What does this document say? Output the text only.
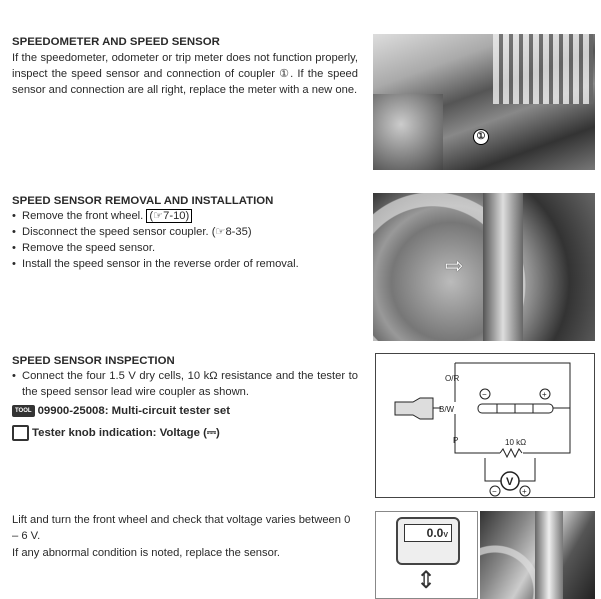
SPEEDOMETER AND SPEED SENSOR
If the speedometer, odometer or trip meter does not function properly, inspect the speed sensor and connection of coupler ①. If the speed sensor and connection are all right, replace the meter with a new one.
①
SPEED SENSOR REMOVAL AND INSTALLATION

• Remove the front wheel. (☞7-10)

• Disconnect the speed sensor coupler. (☞8-35)

• Remove the speed sensor.

• Install the speed sensor in the reverse order of removal.	⇨
SPEED SENSOR INSPECTION

• Connect the four 1.5 V dry cells, 10 kΩ resistance and the tester to the speed sensor lead wire coupler as shown.

TOOL 09900-25008: Multi-circuit tester set
Tester knob indication: Voltage (⎓)
O/R
B/W
P	10 kΩ
−	+
V
−	+
Lift and turn the front wheel and check that voltage varies between 0 – 6 V.
If any abnormal condition is noted, replace the sensor.
0.0V
⇕
